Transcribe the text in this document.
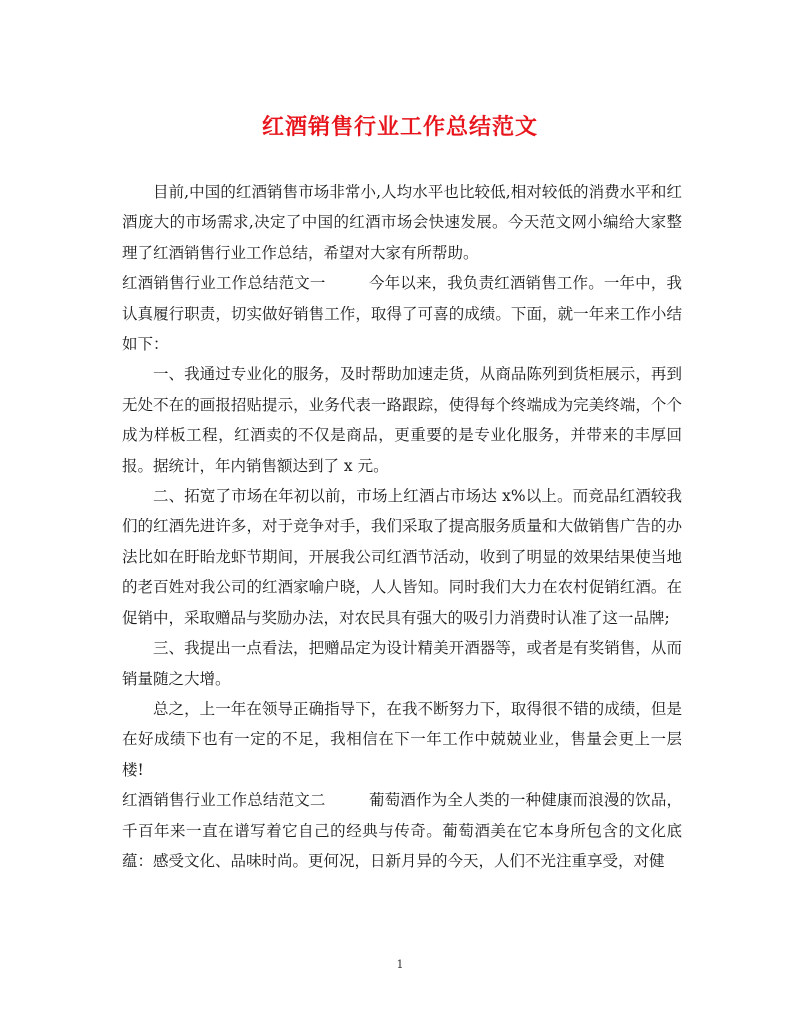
红酒销售行业工作总结范文

目前,中国的红酒销售市场非常小,人均水平也比较低,相对较低的消费水平和红酒庞大的市场需求,决定了中国的红酒市场会快速发展。今天范文网小编给大家整理了红酒销售行业工作总结，希望对大家有所帮助。

红酒销售行业工作总结范文一	今年以来，我负责红酒销售工作。一年中，我认真履行职责，切实做好销售工作，取得了可喜的成绩。下面，就一年来工作小结如下：

一、我通过专业化的服务，及时帮助加速走货，从商品陈列到货柜展示，再到无处不在的画报招贴提示，业务代表一路跟踪，使得每个终端成为完美终端，个个成为样板工程，红酒卖的不仅是商品，更重要的是专业化服务，并带来的丰厚回报。据统计，年内销售额达到了 x 元。

二、拓宽了市场在年初以前，市场上红酒占市场达 x%以上。而竞品红酒较我们的红酒先进许多，对于竞争对手，我们采取了提高服务质量和大做销售广告的办法比如在盱眙龙虾节期间，开展我公司红酒节活动，收到了明显的效果结果使当地的老百姓对我公司的红酒家喻户晓，人人皆知。同时我们大力在农村促销红酒。在促销中，采取赠品与奖励办法，对农民具有强大的吸引力消费时认准了这一品牌;

三、我提出一点看法，把赠品定为设计精美开酒器等，或者是有奖销售，从而销量随之大增。

总之，上一年在领导正确指导下，在我不断努力下，取得很不错的成绩，但是在好成绩下也有一定的不足，我相信在下一年工作中兢兢业业，售量会更上一层楼!

红酒销售行业工作总结范文二	葡萄酒作为全人类的一种健康而浪漫的饮品，千百年来一直在谱写着它自己的经典与传奇。葡萄酒美在它本身所包含的文化底蕴：感受文化、品味时尚。更何况，日新月异的今天，人们不光注重享受，对健

1
